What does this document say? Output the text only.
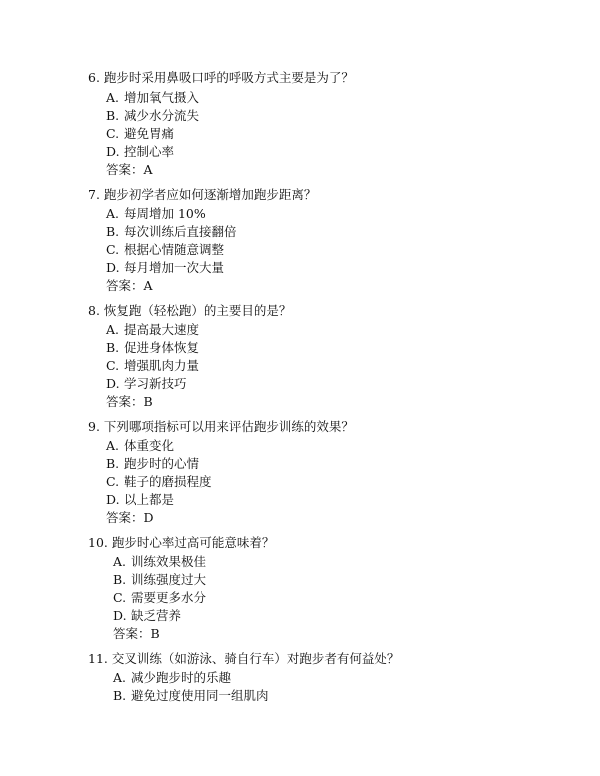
6. 跑步时采用鼻吸口呼的呼吸方式主要是为了？
A. 增加氧气摄入
B. 减少水分流失
C. 避免胃痛
D. 控制心率
答案：A
7. 跑步初学者应如何逐渐增加跑步距离？
A. 每周增加 10%
B. 每次训练后直接翻倍
C. 根据心情随意调整
D. 每月增加一次大量
答案：A
8. 恢复跑（轻松跑）的主要目的是？
A. 提高最大速度
B. 促进身体恢复
C. 增强肌肉力量
D. 学习新技巧
答案：B
9. 下列哪项指标可以用来评估跑步训练的效果？
A. 体重变化
B. 跑步时的心情
C. 鞋子的磨损程度
D. 以上都是
答案：D
10. 跑步时心率过高可能意味着？
A. 训练效果极佳
B. 训练强度过大
C. 需要更多水分
D. 缺乏营养
答案：B
11. 交叉训练（如游泳、骑自行车）对跑步者有何益处？
A. 减少跑步时的乐趣
B. 避免过度使用同一组肌肉
